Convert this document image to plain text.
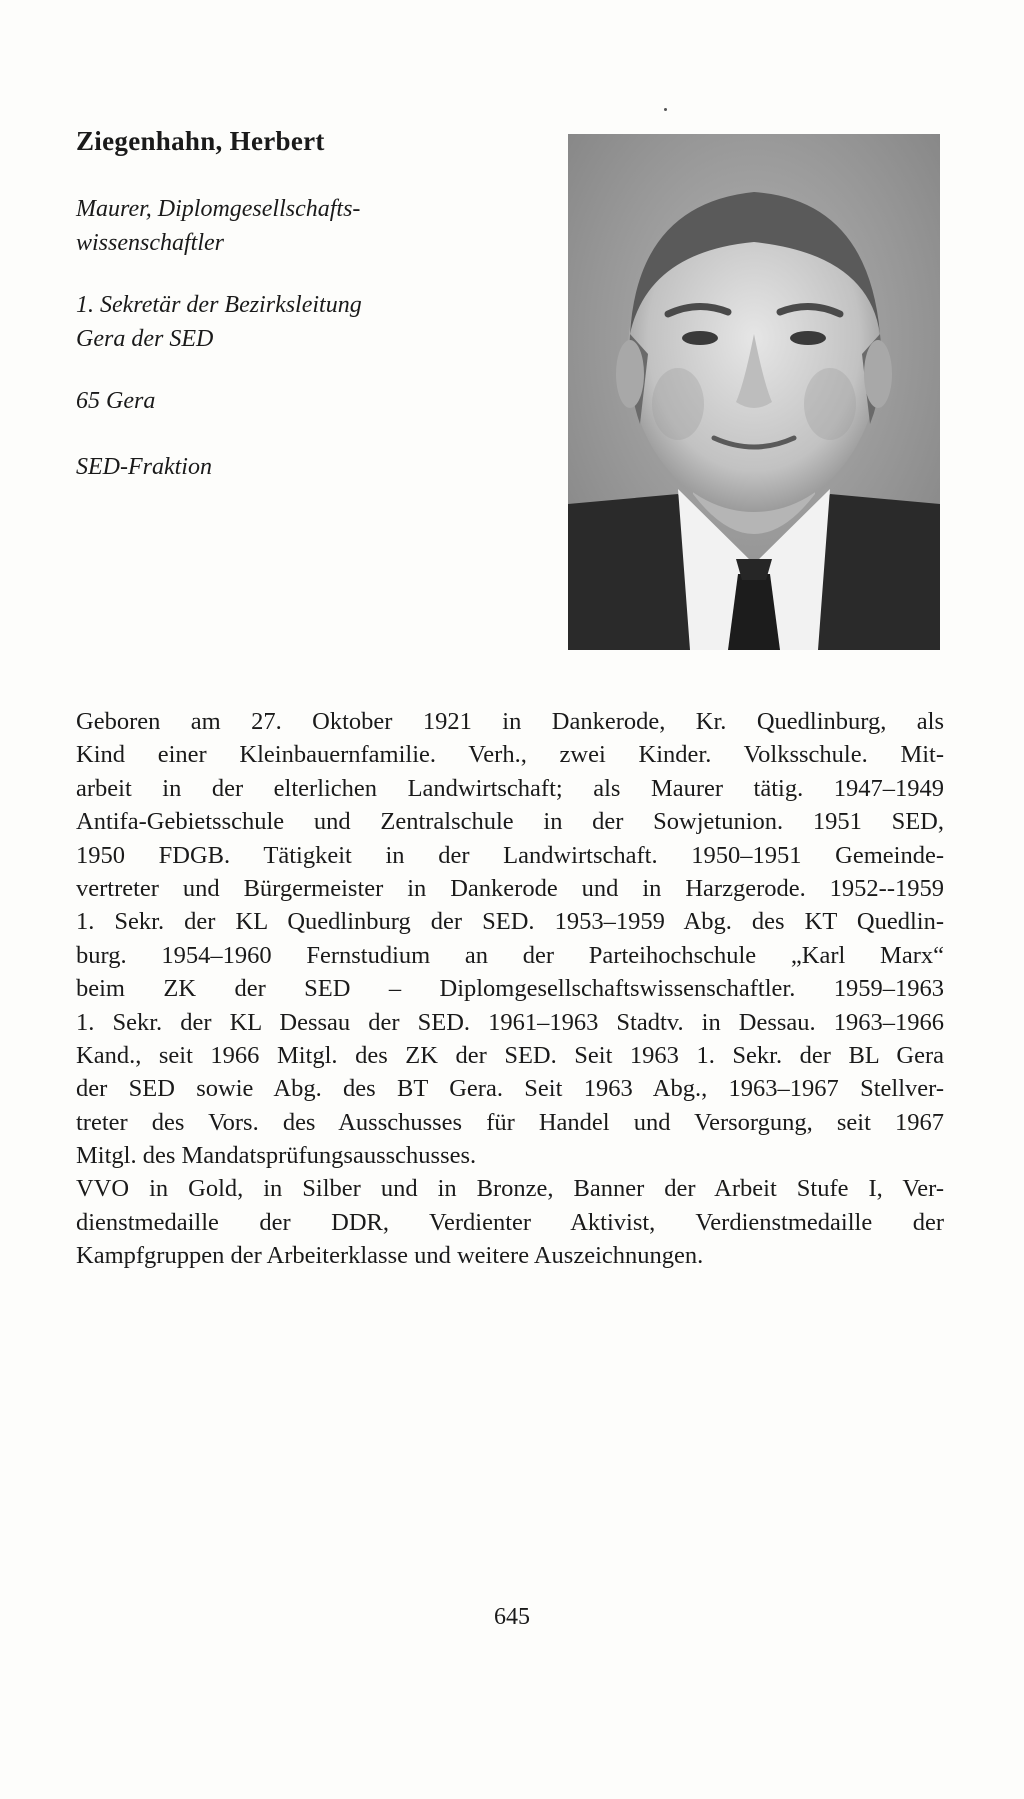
Ziegenhahn, Herbert

Maurer, Diplomgesellschafts-
wissenschaftler

1. Sekretär der Bezirksleitung
Gera der SED

65 Gera

SED-Fraktion

Geboren am 27. Oktober 1921 in Dankerode, Kr. Quedlinburg, als
Kind einer Kleinbauernfamilie. Verh., zwei Kinder. Volksschule. Mit-
arbeit in der elterlichen Landwirtschaft; als Maurer tätig. 1947–1949
Antifa-Gebietsschule und Zentralschule in der Sowjetunion. 1951 SED,
1950 FDGB. Tätigkeit in der Landwirtschaft. 1950–1951 Gemeinde-
vertreter und Bürgermeister in Dankerode und in Harzgerode. 1952--1959
1. Sekr. der KL Quedlinburg der SED. 1953–1959 Abg. des KT Quedlin-
burg. 1954–1960 Fernstudium an der Parteihochschule „Karl Marx“
beim ZK der SED – Diplomgesellschaftswissenschaftler. 1959–1963
1. Sekr. der KL Dessau der SED. 1961–1963 Stadtv. in Dessau. 1963–1966
Kand., seit 1966 Mitgl. des ZK der SED. Seit 1963 1. Sekr. der BL Gera
der SED sowie Abg. des BT Gera. Seit 1963 Abg., 1963–1967 Stellver-
treter des Vors. des Ausschusses für Handel und Versorgung, seit 1967
Mitgl. des Mandatsprüfungsausschusses.
VVO in Gold, in Silber und in Bronze, Banner der Arbeit Stufe I, Ver-
dienstmedaille der DDR, Verdienter Aktivist, Verdienstmedaille der
Kampfgruppen der Arbeiterklasse und weitere Auszeichnungen.

645
